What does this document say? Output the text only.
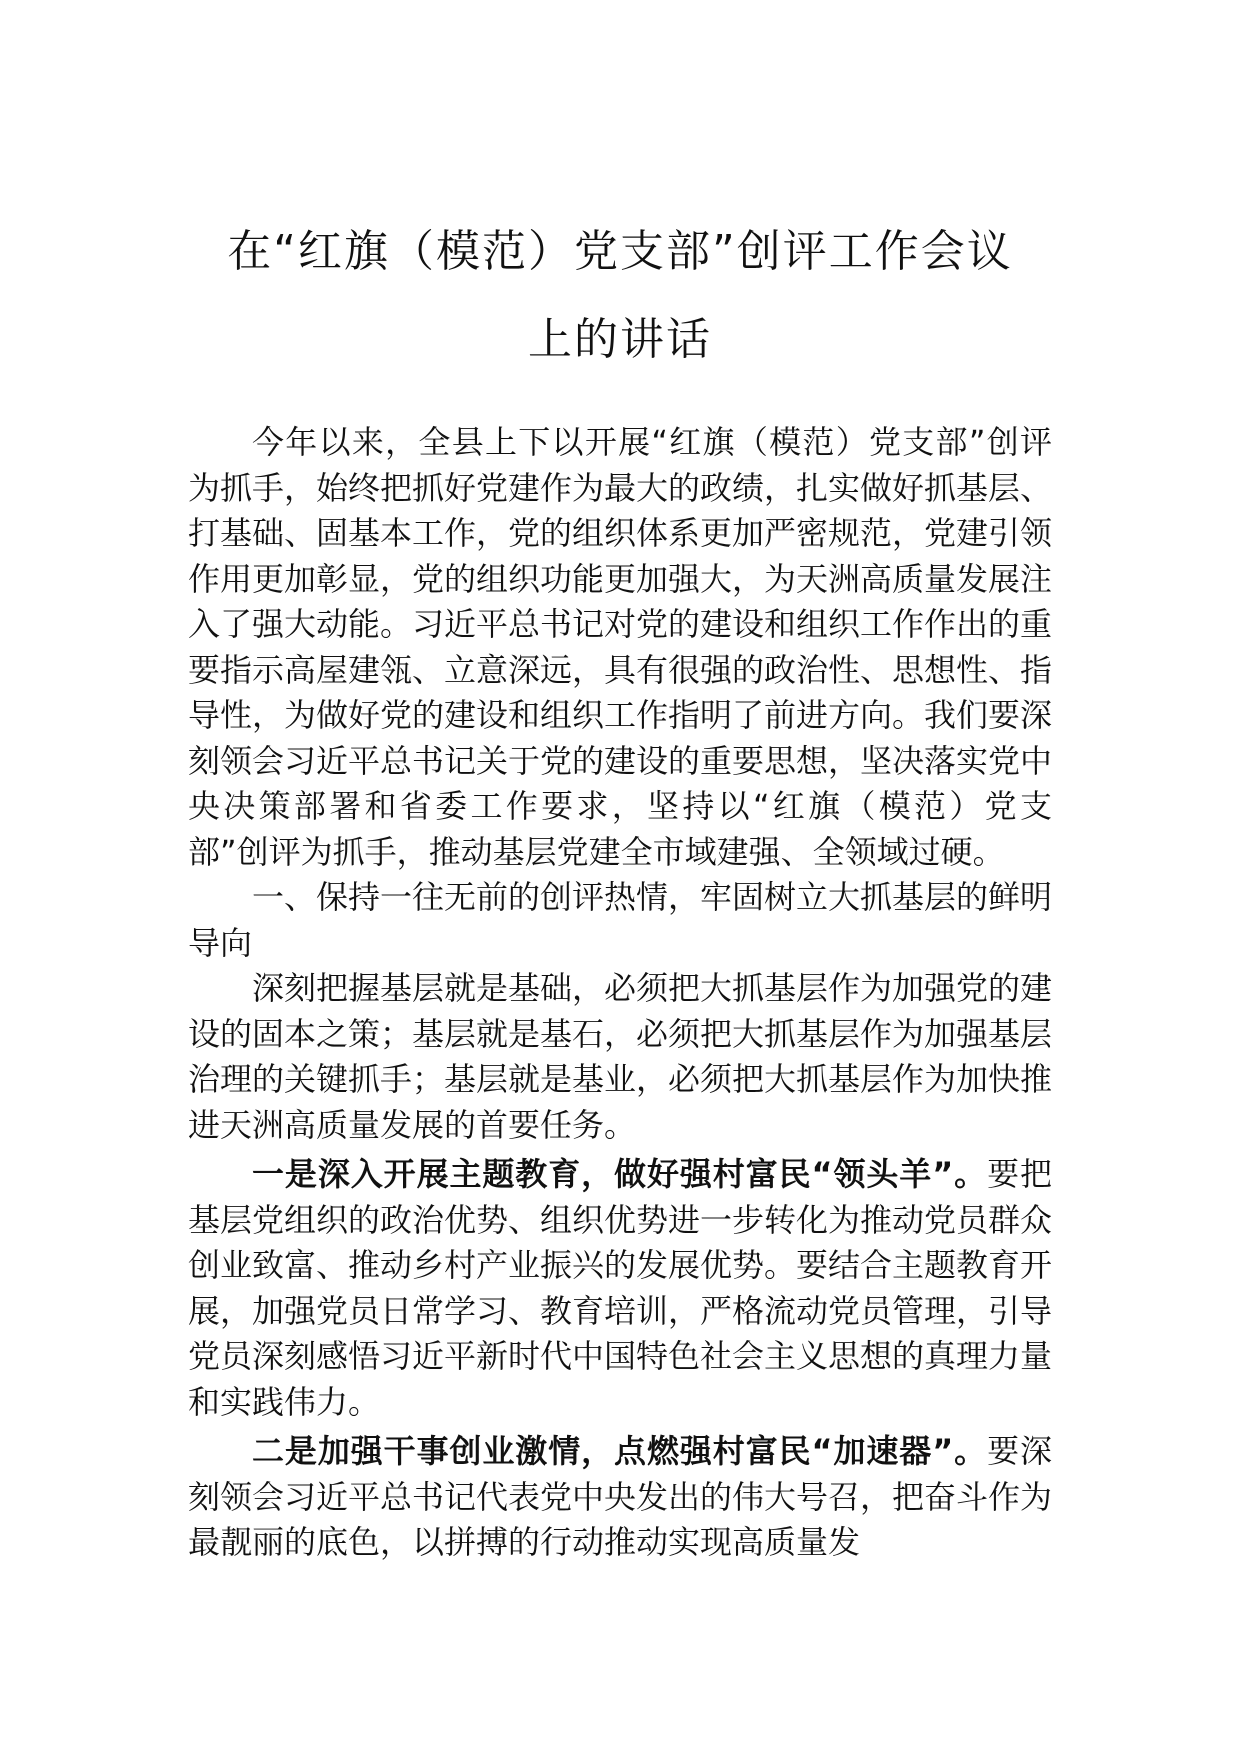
在“红旗（模范）党支部”创评工作会议
上的讲话

今年以来，全县上下以开展“红旗（模范）党支部”创评为抓手，始终把抓好党建作为最大的政绩，扎实做好抓基层、打基础、固基本工作，党的组织体系更加严密规范，党建引领作用更加彰显，党的组织功能更加强大，为天洲高质量发展注入了强大动能。习近平总书记对党的建设和组织工作作出的重要指示高屋建瓴、立意深远，具有很强的政治性、思想性、指导性，为做好党的建设和组织工作指明了前进方向。我们要深刻领会习近平总书记关于党的建设的重要思想，坚决落实党中央决策部署和省委工作要求，坚持以“红旗（模范）党支部”创评为抓手，推动基层党建全市域建强、全领域过硬。

一、保持一往无前的创评热情，牢固树立大抓基层的鲜明导向

深刻把握基层就是基础，必须把大抓基层作为加强党的建设的固本之策；基层就是基石，必须把大抓基层作为加强基层治理的关键抓手；基层就是基业，必须把大抓基层作为加快推进天洲高质量发展的首要任务。

一是深入开展主题教育，做好强村富民“领头羊”。要把基层党组织的政治优势、组织优势进一步转化为推动党员群众创业致富、推动乡村产业振兴的发展优势。要结合主题教育开展，加强党员日常学习、教育培训，严格流动党员管理，引导党员深刻感悟习近平新时代中国特色社会主义思想的真理力量和实践伟力。

二是加强干事创业激情，点燃强村富民“加速器”。要深刻领会习近平总书记代表党中央发出的伟大号召，把奋斗作为最靓丽的底色，以拼搏的行动推动实现高质量发
